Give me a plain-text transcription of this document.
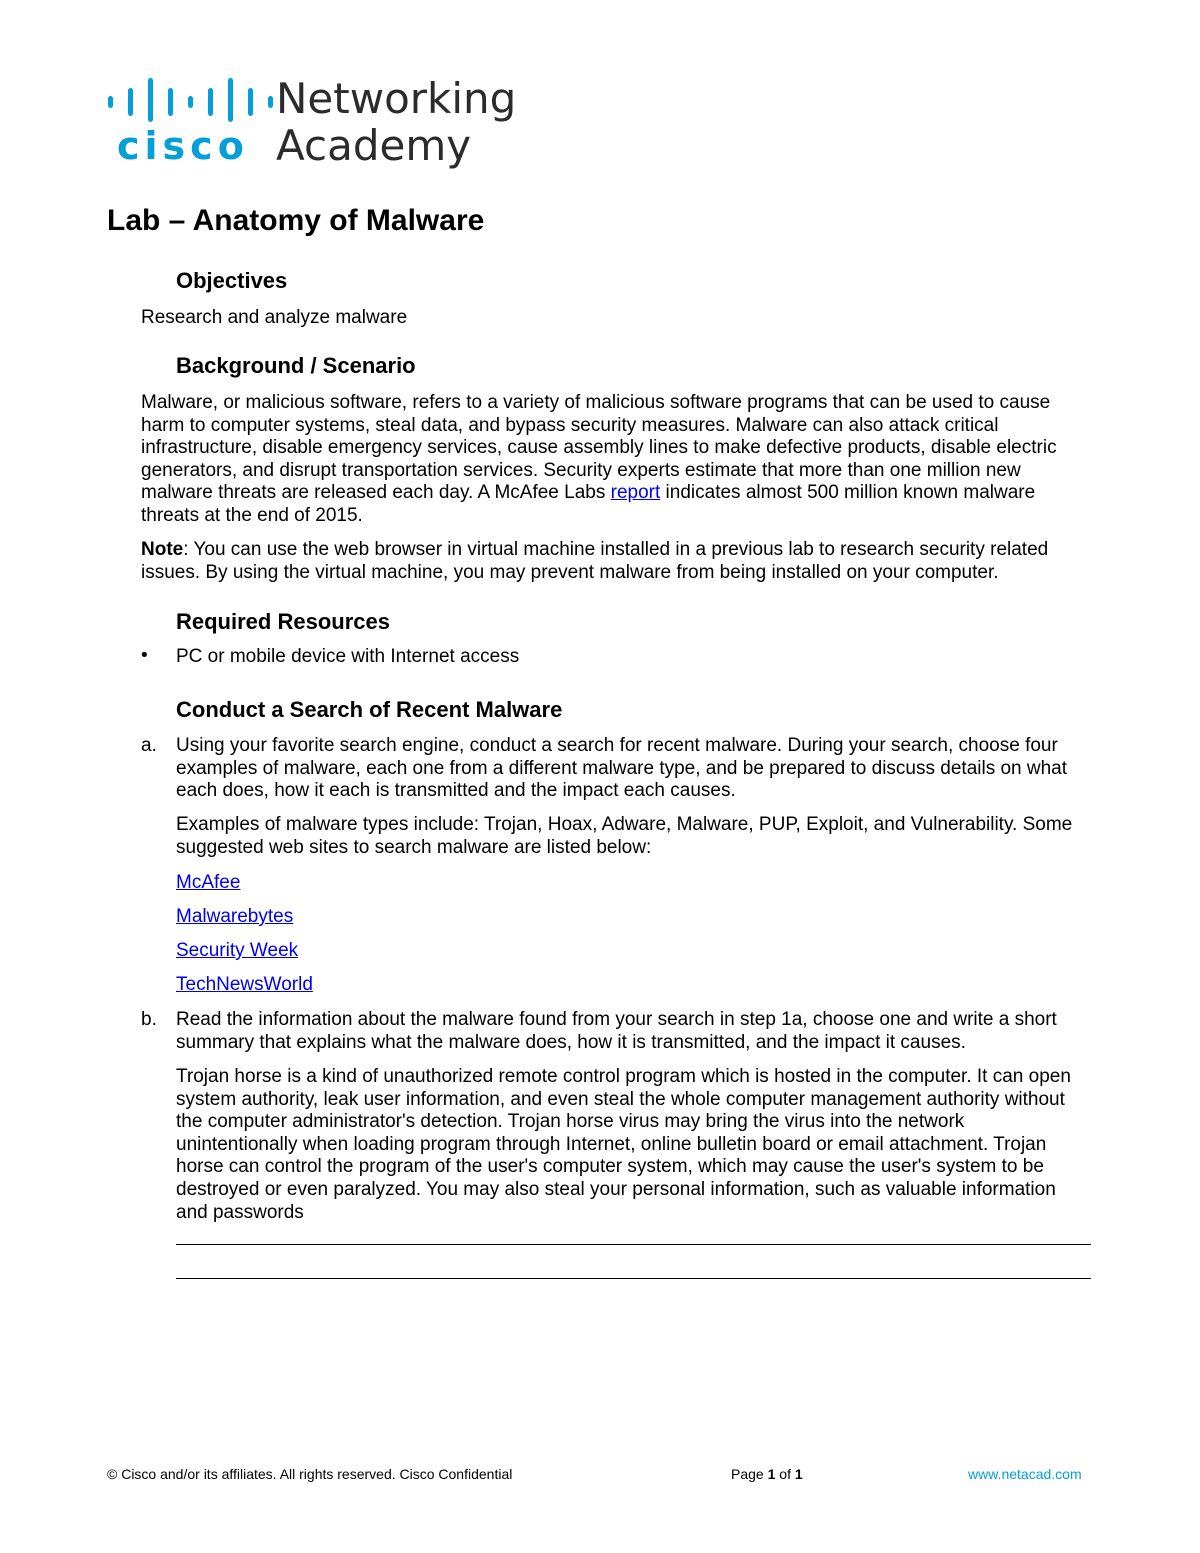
cisco
Networking
Academy
Lab – Anatomy of Malware
Objectives

Research and analyze malware

Background / Scenario

Malware, or malicious software, refers to a variety of malicious software programs that can be used to cause harm to computer systems, steal data, and bypass security measures. Malware can also attack critical infrastructure, disable emergency services, cause assembly lines to make defective products, disable electric generators, and disrupt transportation services. Security experts estimate that more than one million new malware threats are released each day. A McAfee Labs report indicates almost 500 million known malware threats at the end of 2015.

Note: You can use the web browser in virtual machine installed in a previous lab to research security related issues. By using the virtual machine, you may prevent malware from being installed on your computer.

Required Resources
• PC or mobile device with Internet access

Conduct a Search of Recent Malware
a. Using your favorite search engine, conduct a search for recent malware. During your search, choose four examples of malware, each one from a different malware type, and be prepared to discuss details on what each does, how it each is transmitted and the impact each causes.

Examples of malware types include: Trojan, Hoax, Adware, Malware, PUP, Exploit, and Vulnerability. Some suggested web sites to search malware are listed below:

McAfee

Malwarebytes

Security Week

TechNewsWorld

b. Read the information about the malware found from your search in step 1a, choose one and write a short summary that explains what the malware does, how it is transmitted, and the impact it causes.

Trojan horse is a kind of unauthorized remote control program which is hosted in the computer. It can open system authority, leak user information, and even steal the whole computer management authority without the computer administrator's detection. Trojan horse virus may bring the virus into the network unintentionally when loading program through Internet, online bulletin board or email attachment. Trojan horse can control the program of the user's computer system, which may cause the user's system to be destroyed or even paralyzed. You may also steal your personal information, such as valuable information and passwords

© Cisco and/or its affiliates. All rights reserved. Cisco Confidential	Page 1 of 1	www.netacad.com
